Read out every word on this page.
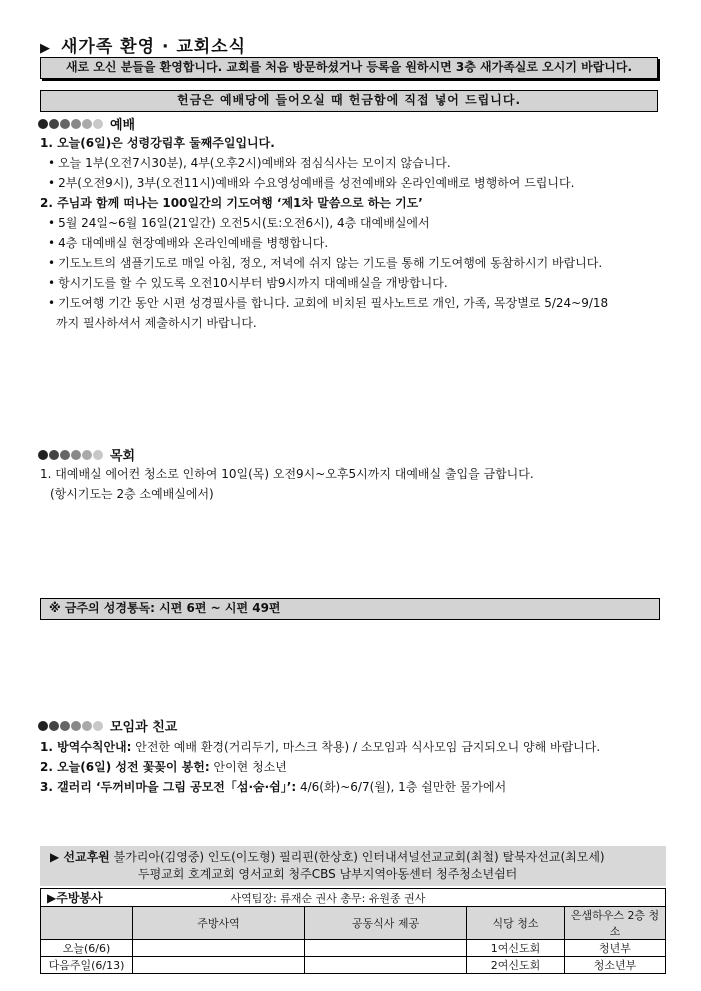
▶ 새가족 환영 · 교회소식
새로 오신 분들을 환영합니다. 교회를 처음 방문하셨거나 등록을 원하시면 3층 새가족실로 오시기 바랍니다.
헌금은 예배당에 들어오실 때 헌금함에 직접 넣어 드립니다.
예배
1. 오늘(6일)은 성령강림후 둘째주일입니다.
• 오늘 1부(오전7시30분), 4부(오후2시)예배와 점심식사는 모이지 않습니다.
• 2부(오전9시), 3부(오전11시)예배와 수요영성예배를 성전예배와 온라인예배로 병행하여 드립니다.
2. 주님과 함께 떠나는 100일간의 기도여행 ‘제1차 말씀으로 하는 기도’
• 5월 24일~6월 16일(21일간) 오전5시(토:오전6시), 4층 대예배실에서
• 4층 대예배실 현장예배와 온라인예배를 병행합니다.
• 기도노트의 샘플기도로 매일 아침, 정오, 저녁에 쉬지 않는 기도를 통해 기도여행에 동참하시기 바랍니다.
• 항시기도를 할 수 있도록 오전10시부터 밤9시까지 대예배실을 개방합니다.
• 기도여행 기간 동안 시편 성경필사를 합니다. 교회에 비치된 필사노트로 개인, 가족, 목장별로 5/24~9/18
까지 필사하셔서 제출하시기 바랍니다.
목회
1. 대예배실 에어컨 청소로 인하여 10일(목) 오전9시~오후5시까지 대예배실 출입을 금합니다.
(항시기도는 2층 소예배실에서)
※ 금주의 성경통독: 시편 6편 ~ 시편 49편
모임과 친교
1. 방역수칙안내: 안전한 예배 환경(거리두기, 마스크 착용) / 소모임과 식사모임 금지되오니 양해 바랍니다.
2. 오늘(6일) 성전 꽃꽂이 봉헌: 안이현 청소년
3. 갤러리 ‘두꺼비마을 그림 공모전「섬·숨·쉼」’: 4/6(화)~6/7(월), 1층 쉴만한 물가에서
▶ 선교후원 불가리아(김영중) 인도(이도형) 필리핀(한상호) 인터내셔널선교교회(최철) 탈북자선교(최모세)
두평교회 호계교회 영서교회 청주CBS 남부지역아동센터 청주청소년쉼터
▶주방봉사	사역팀장: 류재순 권사 총무: 유원종 권사			
	주방사역	공동식사 제공	식당 청소	은샘하우스 2층 청소
오늘(6/6)			1여신도회	청년부
다음주일(6/13)			2여신도회	청소년부
